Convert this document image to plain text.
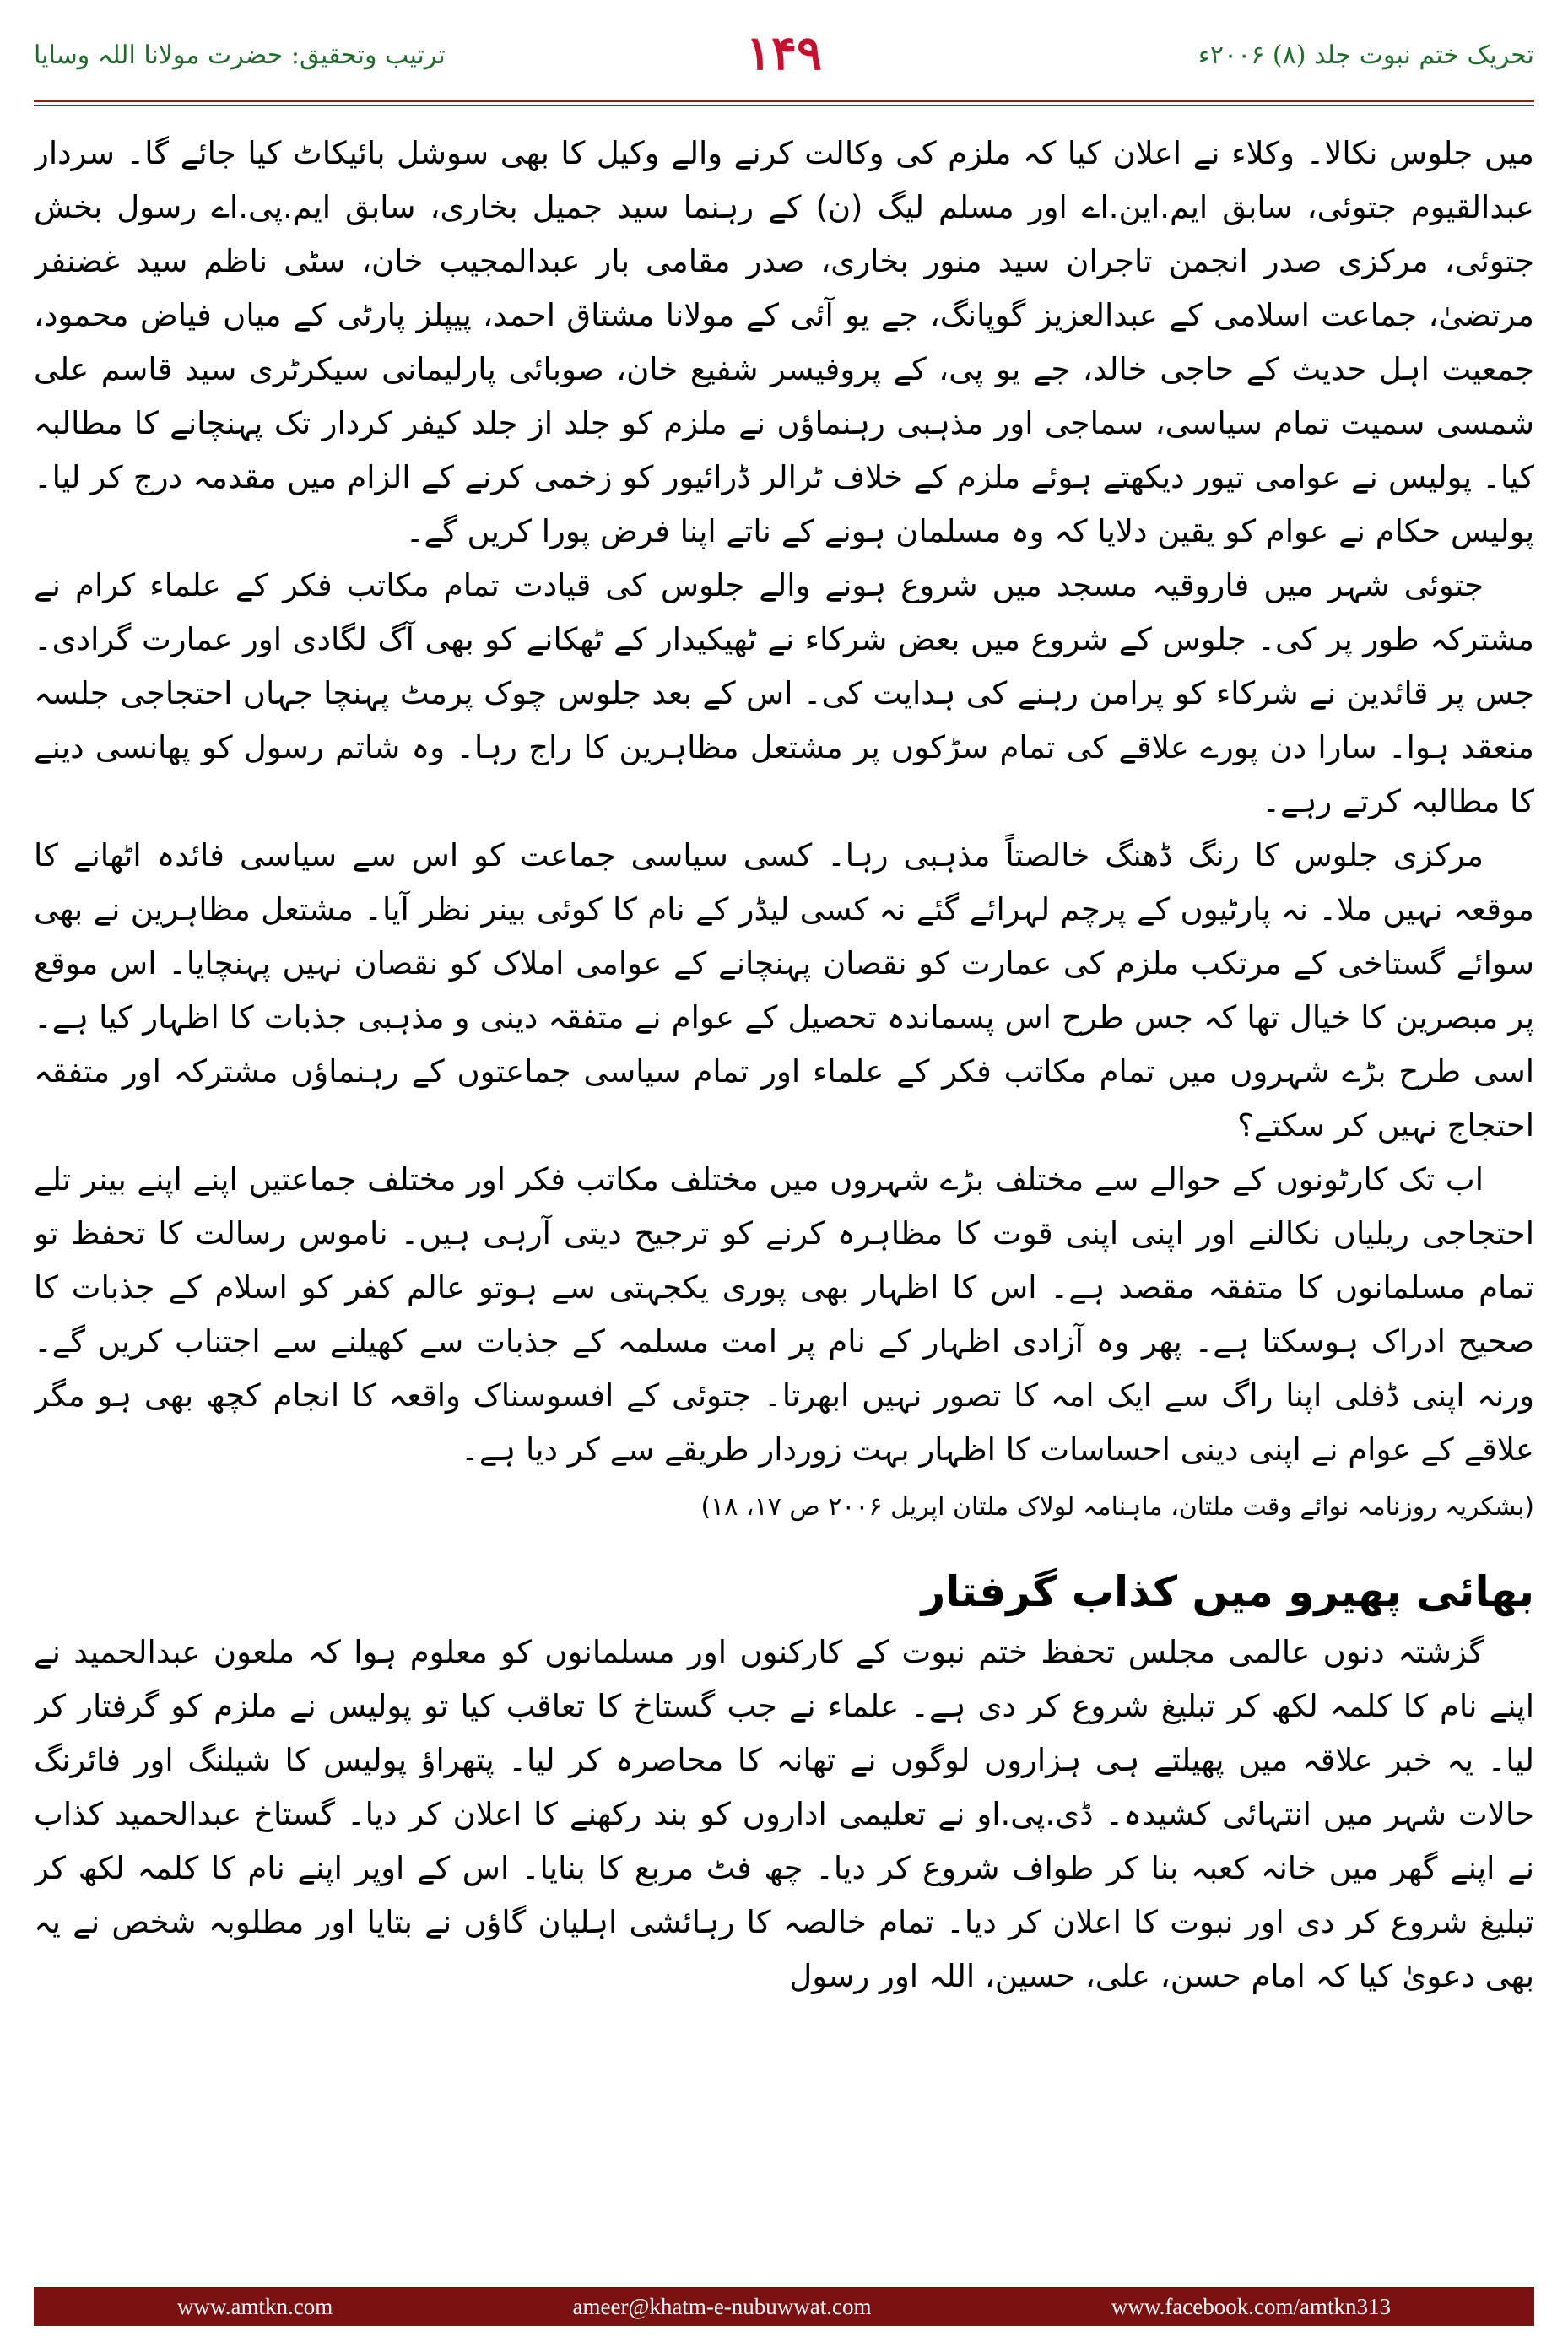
ترتیب وتحقیق: حضرت مولانا اللہ وسایا	۱۴۹	تحریک ختم نبوت جلد (۸) ۲۰۰۶ء

میں جلوس نکالا۔ وکلاء نے اعلان کیا کہ ملزم کی وکالت کرنے والے وکیل کا بھی سوشل بائیکاٹ کیا جائے گا۔ سردار عبدالقیوم جتوئی، سابق ایم.این.اے اور مسلم لیگ (ن) کے رہنما سید جمیل بخاری، سابق ایم.پی.اے رسول بخش جتوئی، مرکزی صدر انجمن تاجران سید منور بخاری، صدر مقامی بار عبدالمجیب خان، سٹی ناظم سید غضنفر مرتضیٰ، جماعت اسلامی کے عبدالعزیز گوپانگ، جے یو آئی کے مولانا مشتاق احمد، پیپلز پارٹی کے میاں فیاض محمود، جمعیت اہل حدیث کے حاجی خالد، جے یو پی، کے پروفیسر شفیع خان، صوبائی پارلیمانی سیکرٹری سید قاسم علی شمسی سمیت تمام سیاسی، سماجی اور مذہبی رہنماؤں نے ملزم کو جلد از جلد کیفر کردار تک پہنچانے کا مطالبہ کیا۔ پولیس نے عوامی تیور دیکھتے ہوئے ملزم کے خلاف ٹرالر ڈرائیور کو زخمی کرنے کے الزام میں مقدمہ درج کر لیا۔ پولیس حکام نے عوام کو یقین دلایا کہ وہ مسلمان ہونے کے ناتے اپنا فرض پورا کریں گے۔

جتوئی شہر میں فاروقیہ مسجد میں شروع ہونے والے جلوس کی قیادت تمام مکاتب فکر کے علماء کرام نے مشترکہ طور پر کی۔ جلوس کے شروع میں بعض شرکاء نے ٹھیکیدار کے ٹھکانے کو بھی آگ لگادی اور عمارت گرادی۔ جس پر قائدین نے شرکاء کو پرامن رہنے کی ہدایت کی۔ اس کے بعد جلوس چوک پرمٹ پہنچا جہاں احتجاجی جلسہ منعقد ہوا۔ سارا دن پورے علاقے کی تمام سڑکوں پر مشتعل مظاہرین کا راج رہا۔ وہ شاتم رسول کو پھانسی دینے کا مطالبہ کرتے رہے۔

مرکزی جلوس کا رنگ ڈھنگ خالصتاً مذہبی رہا۔ کسی سیاسی جماعت کو اس سے سیاسی فائدہ اٹھانے کا موقعہ نہیں ملا۔ نہ پارٹیوں کے پرچم لہرائے گئے نہ کسی لیڈر کے نام کا کوئی بینر نظر آیا۔ مشتعل مظاہرین نے بھی سوائے گستاخی کے مرتکب ملزم کی عمارت کو نقصان پہنچانے کے عوامی املاک کو نقصان نہیں پہنچایا۔ اس موقع پر مبصرین کا خیال تھا کہ جس طرح اس پسماندہ تحصیل کے عوام نے متفقہ دینی و مذہبی جذبات کا اظہار کیا ہے۔ اسی طرح بڑے شہروں میں تمام مکاتب فکر کے علماء اور تمام سیاسی جماعتوں کے رہنماؤں مشترکہ اور متفقہ احتجاج نہیں کر سکتے؟

اب تک کارٹونوں کے حوالے سے مختلف بڑے شہروں میں مختلف مکاتب فکر اور مختلف جماعتیں اپنے اپنے بینر تلے احتجاجی ریلیاں نکالنے اور اپنی اپنی قوت کا مظاہرہ کرنے کو ترجیح دیتی آرہی ہیں۔ ناموس رسالت کا تحفظ تو تمام مسلمانوں کا متفقہ مقصد ہے۔ اس کا اظہار بھی پوری یکجہتی سے ہوتو عالم کفر کو اسلام کے جذبات کا صحیح ادراک ہوسکتا ہے۔ پھر وہ آزادی اظہار کے نام پر امت مسلمہ کے جذبات سے کھیلنے سے اجتناب کریں گے۔ ورنہ اپنی ڈفلی اپنا راگ سے ایک امہ کا تصور نہیں ابھرتا۔ جتوئی کے افسوسناک واقعہ کا انجام کچھ بھی ہو مگر علاقے کے عوام نے اپنی دینی احساسات کا اظہار بہت زوردار طریقے سے کر دیا ہے۔

(بشکریہ روزنامہ نوائے وقت ملتان، ماہنامہ لولاک ملتان اپریل ۲۰۰۶ ص ۱۷، ۱۸)

بھائی پھیرو میں کذاب گرفتار

گزشتہ دنوں عالمی مجلس تحفظ ختم نبوت کے کارکنوں اور مسلمانوں کو معلوم ہوا کہ ملعون عبدالحمید نے اپنے نام کا کلمہ لکھ کر تبلیغ شروع کر دی ہے۔ علماء نے جب گستاخ کا تعاقب کیا تو پولیس نے ملزم کو گرفتار کر لیا۔ یہ خبر علاقہ میں پھیلتے ہی ہزاروں لوگوں نے تھانہ کا محاصرہ کر لیا۔ پتھراؤ پولیس کا شیلنگ اور فائرنگ حالات شہر میں انتہائی کشیدہ۔ ڈی.پی.او نے تعلیمی اداروں کو بند رکھنے کا اعلان کر دیا۔ گستاخ عبدالحمید کذاب نے اپنے گھر میں خانہ کعبہ بنا کر طواف شروع کر دیا۔ چھ فٹ مربع کا بنایا۔ اس کے اوپر اپنے نام کا کلمہ لکھ کر تبلیغ شروع کر دی اور نبوت کا اعلان کر دیا۔ تمام خالصہ کا رہائشی اہلیان گاؤں نے بتایا اور مطلوبہ شخص نے یہ بھی دعویٰ کیا کہ امام حسن، علی، حسین، اللہ اور رسول

www.amtkn.com	ameer@khatm-e-nubuwwat.com	www.facebook.com/amtkn313
